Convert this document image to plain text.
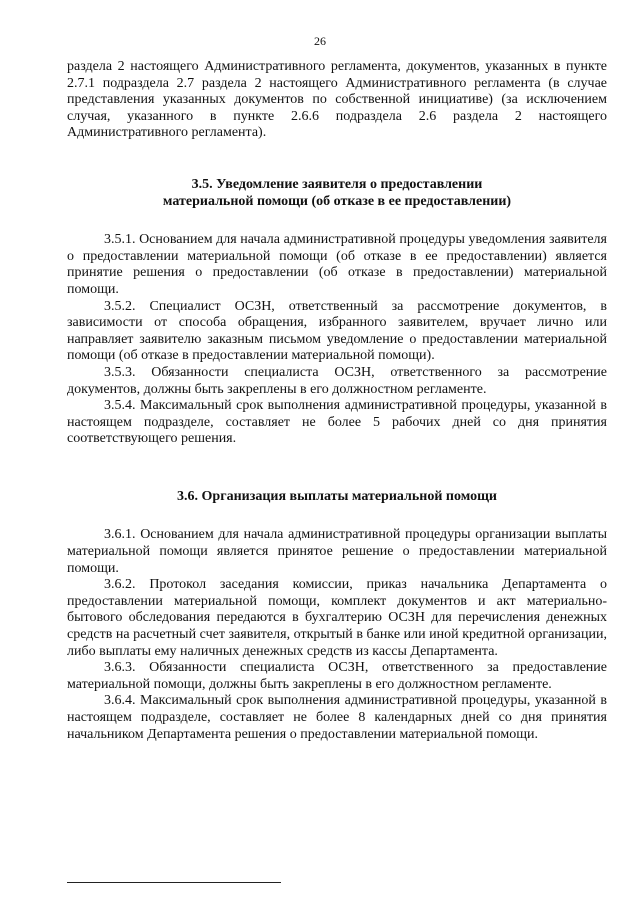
26

раздела 2 настоящего Административного регламента, документов, указанных в пункте 2.7.1 подраздела 2.7 раздела 2 настоящего Административного регламента (в случае представления указанных документов по собственной инициативе) (за исключением случая, указанного в пункте 2.6.6 подраздела 2.6 раздела 2 настоящего Административного регламента).

3.5. Уведомление заявителя о предоставлении
материальной помощи (об отказе в ее предоставлении)

3.5.1. Основанием для начала административной процедуры уведомления заявителя о предоставлении материальной помощи (об отказе в ее предоставлении) является принятие решения о предоставлении (об отказе в предоставлении) материальной помощи.

3.5.2. Специалист ОСЗН, ответственный за рассмотрение документов, в зависимости от способа обращения, избранного заявителем, вручает лично или направляет заявителю заказным письмом уведомление о предоставлении материальной помощи (об отказе в предоставлении материальной помощи).

3.5.3. Обязанности специалиста ОСЗН, ответственного за рассмотрение документов, должны быть закреплены в его должностном регламенте.

3.5.4. Максимальный срок выполнения административной процедуры, указанной в настоящем подразделе, составляет не более 5 рабочих дней со дня принятия соответствующего решения.

3.6. Организация выплаты материальной помощи

3.6.1. Основанием для начала административной процедуры организации выплаты материальной помощи является принятое решение о предоставлении материальной помощи.

3.6.2. Протокол заседания комиссии, приказ начальника Департамента о предоставлении материальной помощи, комплект документов и акт материально-бытового обследования передаются в бухгалтерию ОСЗН для перечисления денежных средств на расчетный счет заявителя, открытый в банке или иной кредитной организации, либо выплаты ему наличных денежных средств из кассы Департамента.

3.6.3. Обязанности специалиста ОСЗН, ответственного за предоставление материальной помощи, должны быть закреплены в его должностном регламенте.

3.6.4. Максимальный срок выполнения административной процедуры, указанной в настоящем подразделе, составляет не более 8 календарных дней со дня принятия начальником Департамента решения о предоставлении материальной помощи.
